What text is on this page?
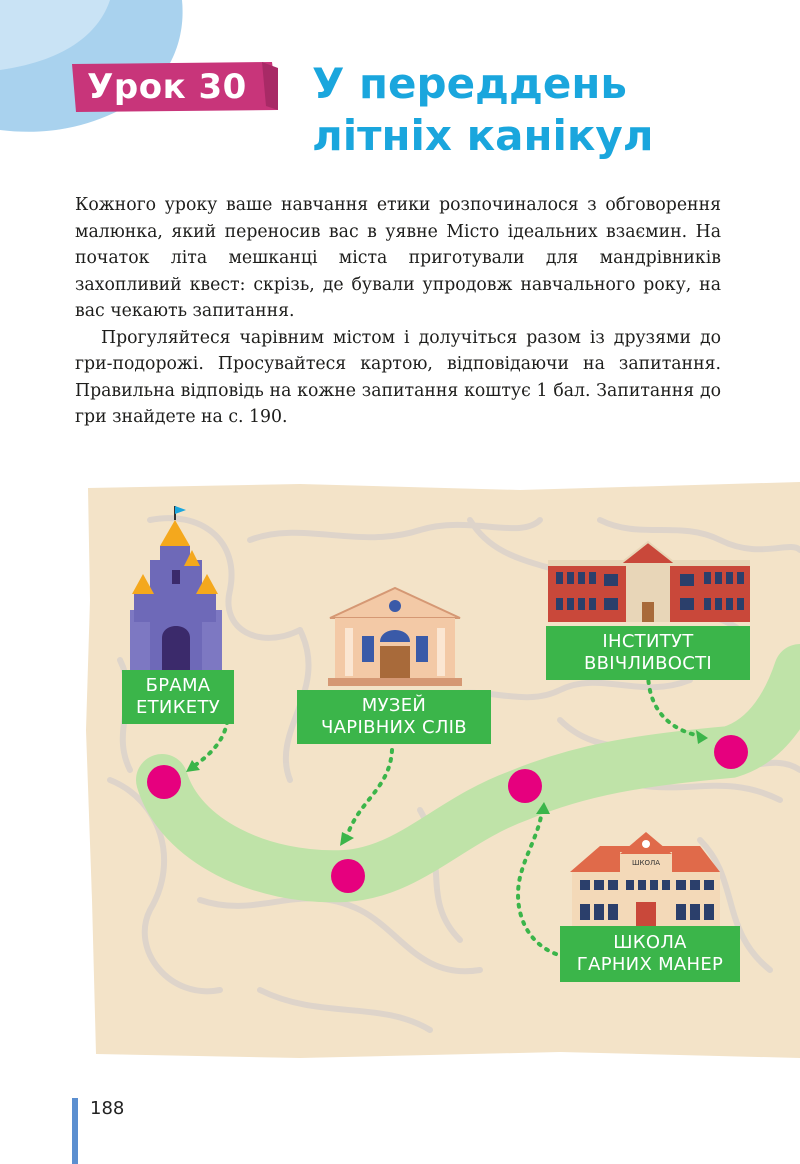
Урок 30	У переддень
літніх канікул

Кожного уроку ваше навчання етики розпочиналося з обговорення малюнка, який переносив вас в уявне Місто ідеальних взаємин. На початок літа мешканці міста приготували для мандрівників захопливий квест: скрізь, де бували упродовж навчального року, на вас чекають запитання.

Прогуляйтеся чарівним містом і долучіться разом із друзями до гри-подорожі. Просувайтеся картою, відповідаючи на запитання. Правильна відповідь на кожне запитання коштує 1 бал. Запитання до гри знайдете на с. 190.

ШКОЛА
БРАМА
ЕТИКЕТУ	МУЗЕЙ
ЧАРІВНИХ СЛІВ
ІНСТИТУТ
ВВІЧЛИВОСТІ
ШКОЛА
ГАРНИХ МАНЕР
188
